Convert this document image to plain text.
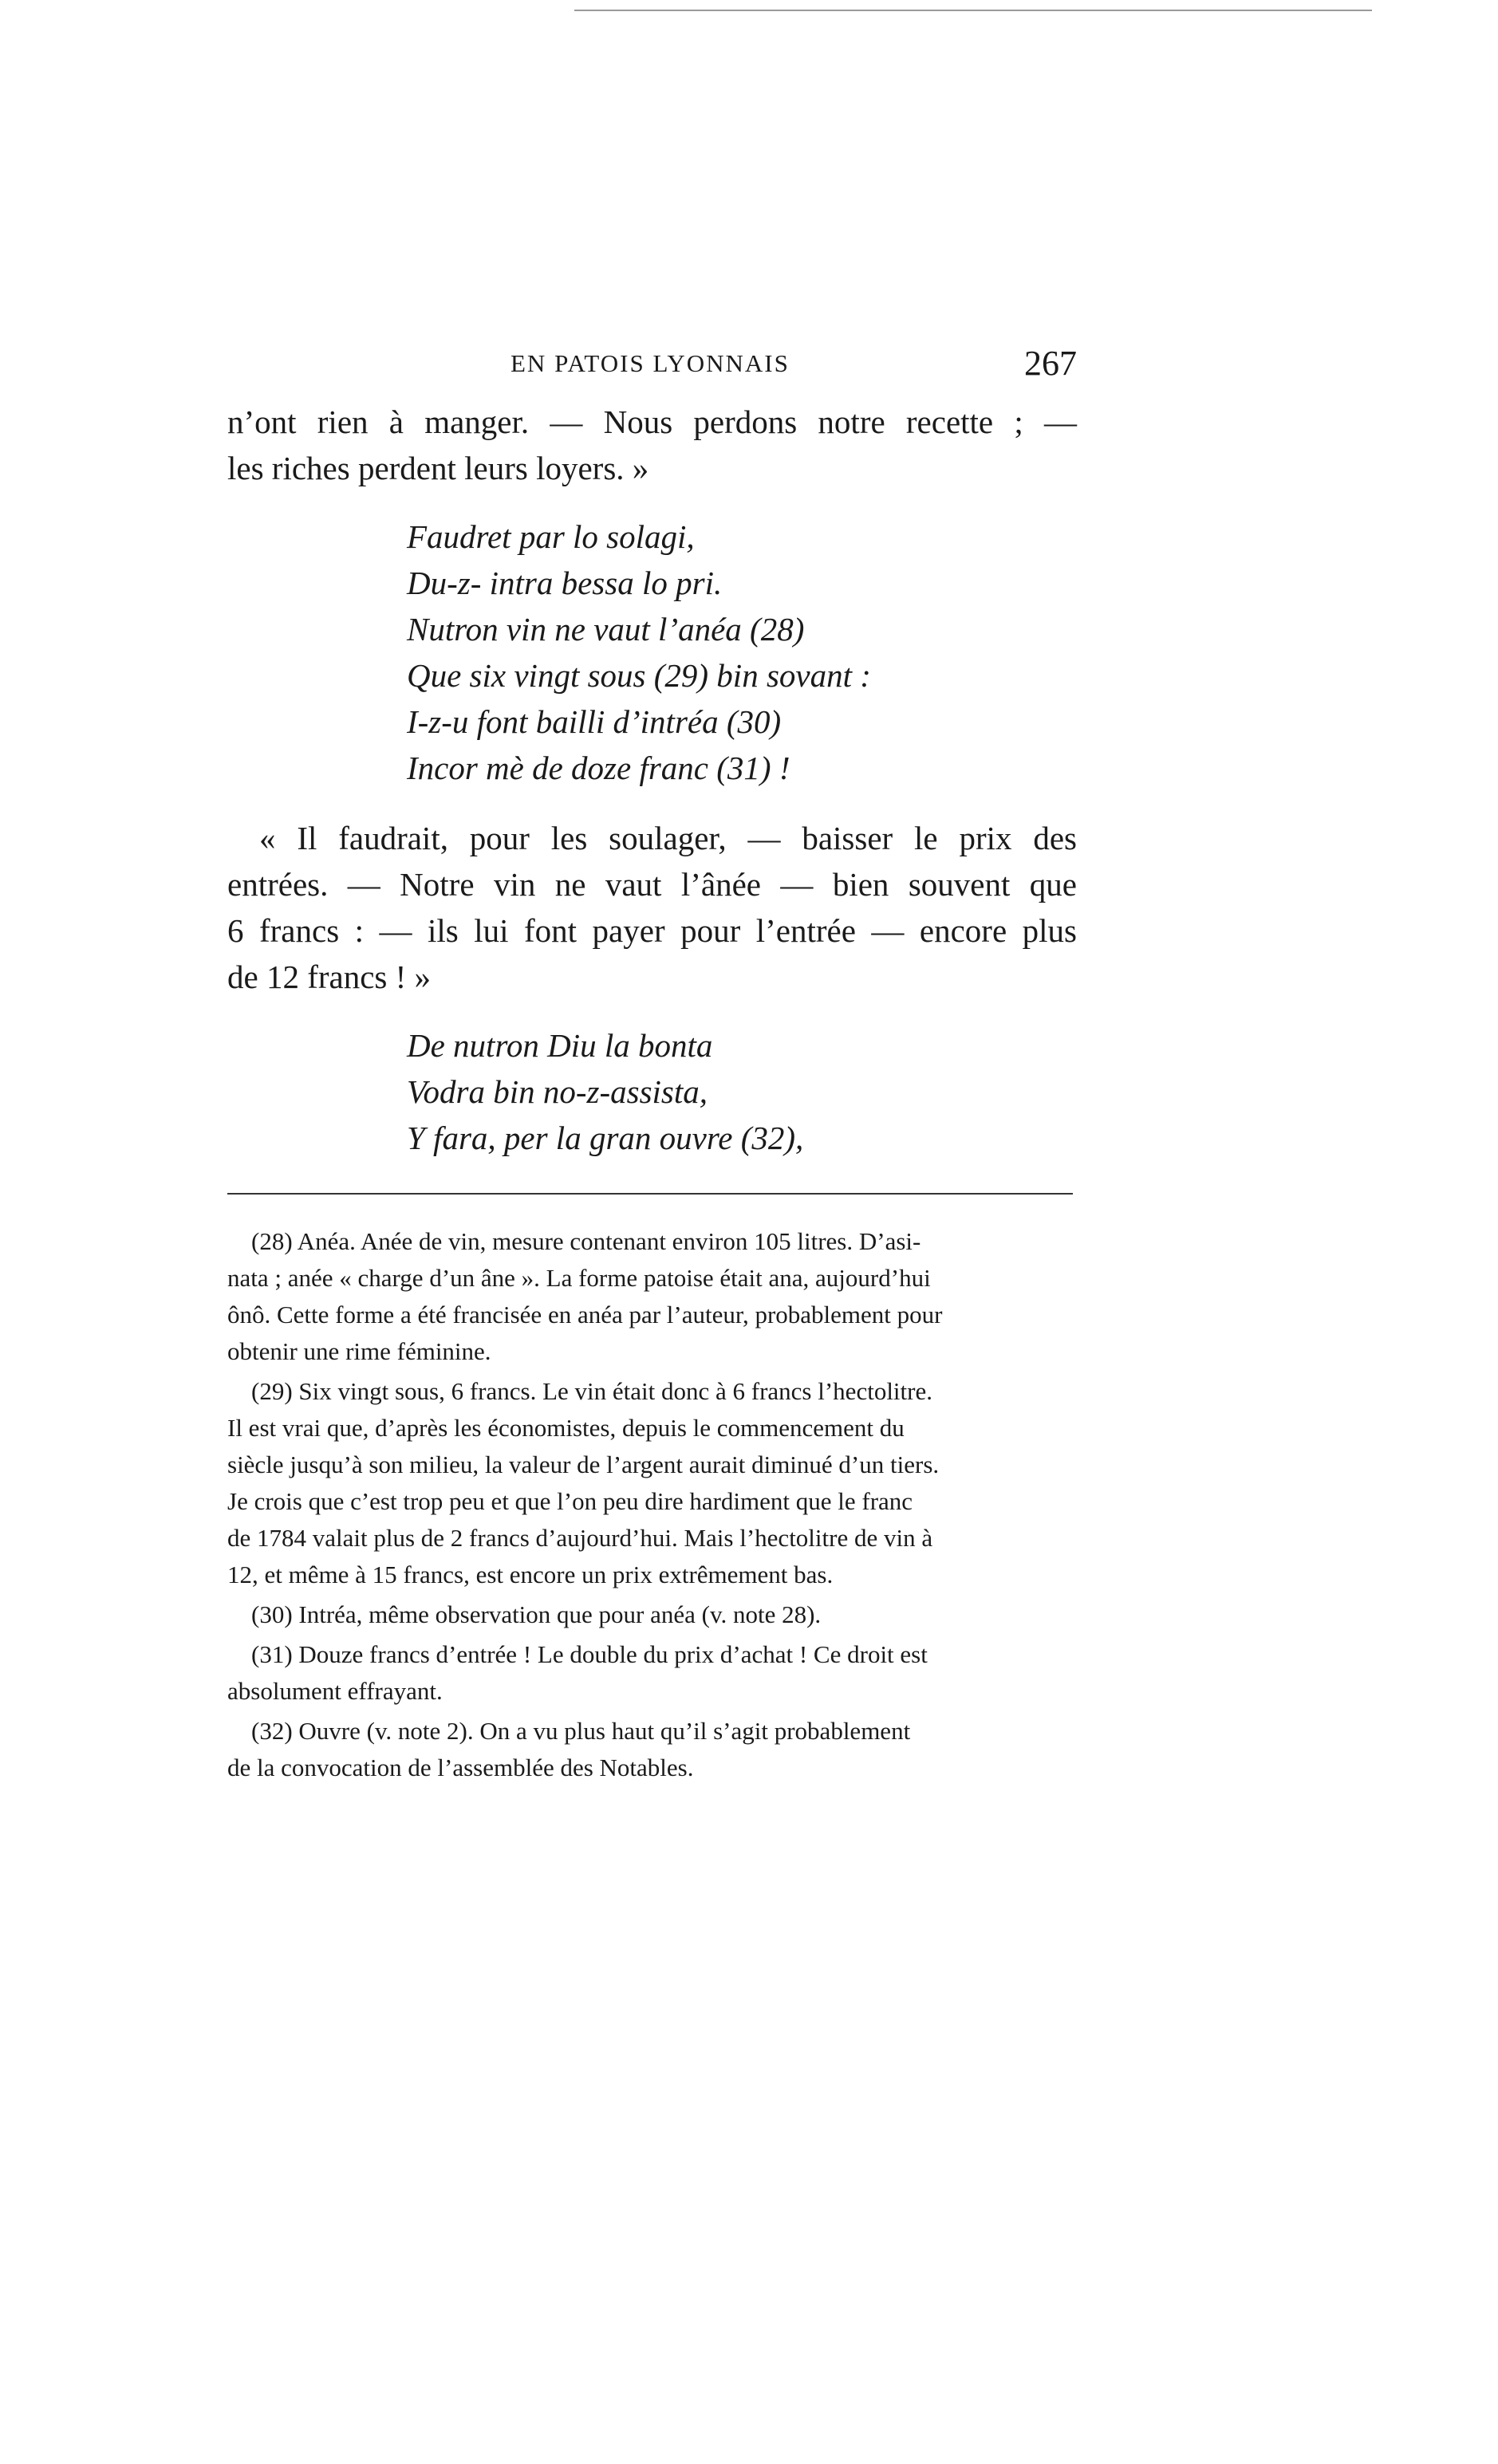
EN PATOIS LYONNAIS	267
n’ont rien à manger. — Nous perdons notre recette ; —
les riches perdent leurs loyers. »
Faudret par lo solagi,
Du-z- intra bessa lo pri.
Nutron vin ne vaut l’anéa (28)
Que six vingt sous (29) bin sovant :
I-z-u font bailli d’intréa (30)
Incor mè de doze franc (31) !
« Il faudrait, pour les soulager, — baisser le prix des
entrées. — Notre vin ne vaut l’ânée — bien souvent que
6 francs : — ils lui font payer pour l’entrée — encore plus
de 12 francs ! »
De nutron Diu la bonta
Vodra bin no-z-assista,
Y fara, per la gran ouvre (32),

(28) Anéa. Anée de vin, mesure contenant environ 105 litres. D’asi-
nata ; anée « charge d’un âne ». La forme patoise était ana, aujourd’hui
ônô. Cette forme a été francisée en anéa par l’auteur, probablement pour
obtenir une rime féminine.

(29) Six vingt sous, 6 francs. Le vin était donc à 6 francs l’hectolitre.
Il est vrai que, d’après les économistes, depuis le commencement du
siècle jusqu’à son milieu, la valeur de l’argent aurait diminué d’un tiers.
Je crois que c’est trop peu et que l’on peu dire hardiment que le franc
de 1784 valait plus de 2 francs d’aujourd’hui. Mais l’hectolitre de vin à
12, et même à 15 francs, est encore un prix extrêmement bas.

(30) Intréa, même observation que pour anéa (v. note 28).

(31) Douze francs d’entrée ! Le double du prix d’achat ! Ce droit est
absolument effrayant.

(32) Ouvre (v. note 2). On a vu plus haut qu’il s’agit probablement
de la convocation de l’assemblée des Notables.
